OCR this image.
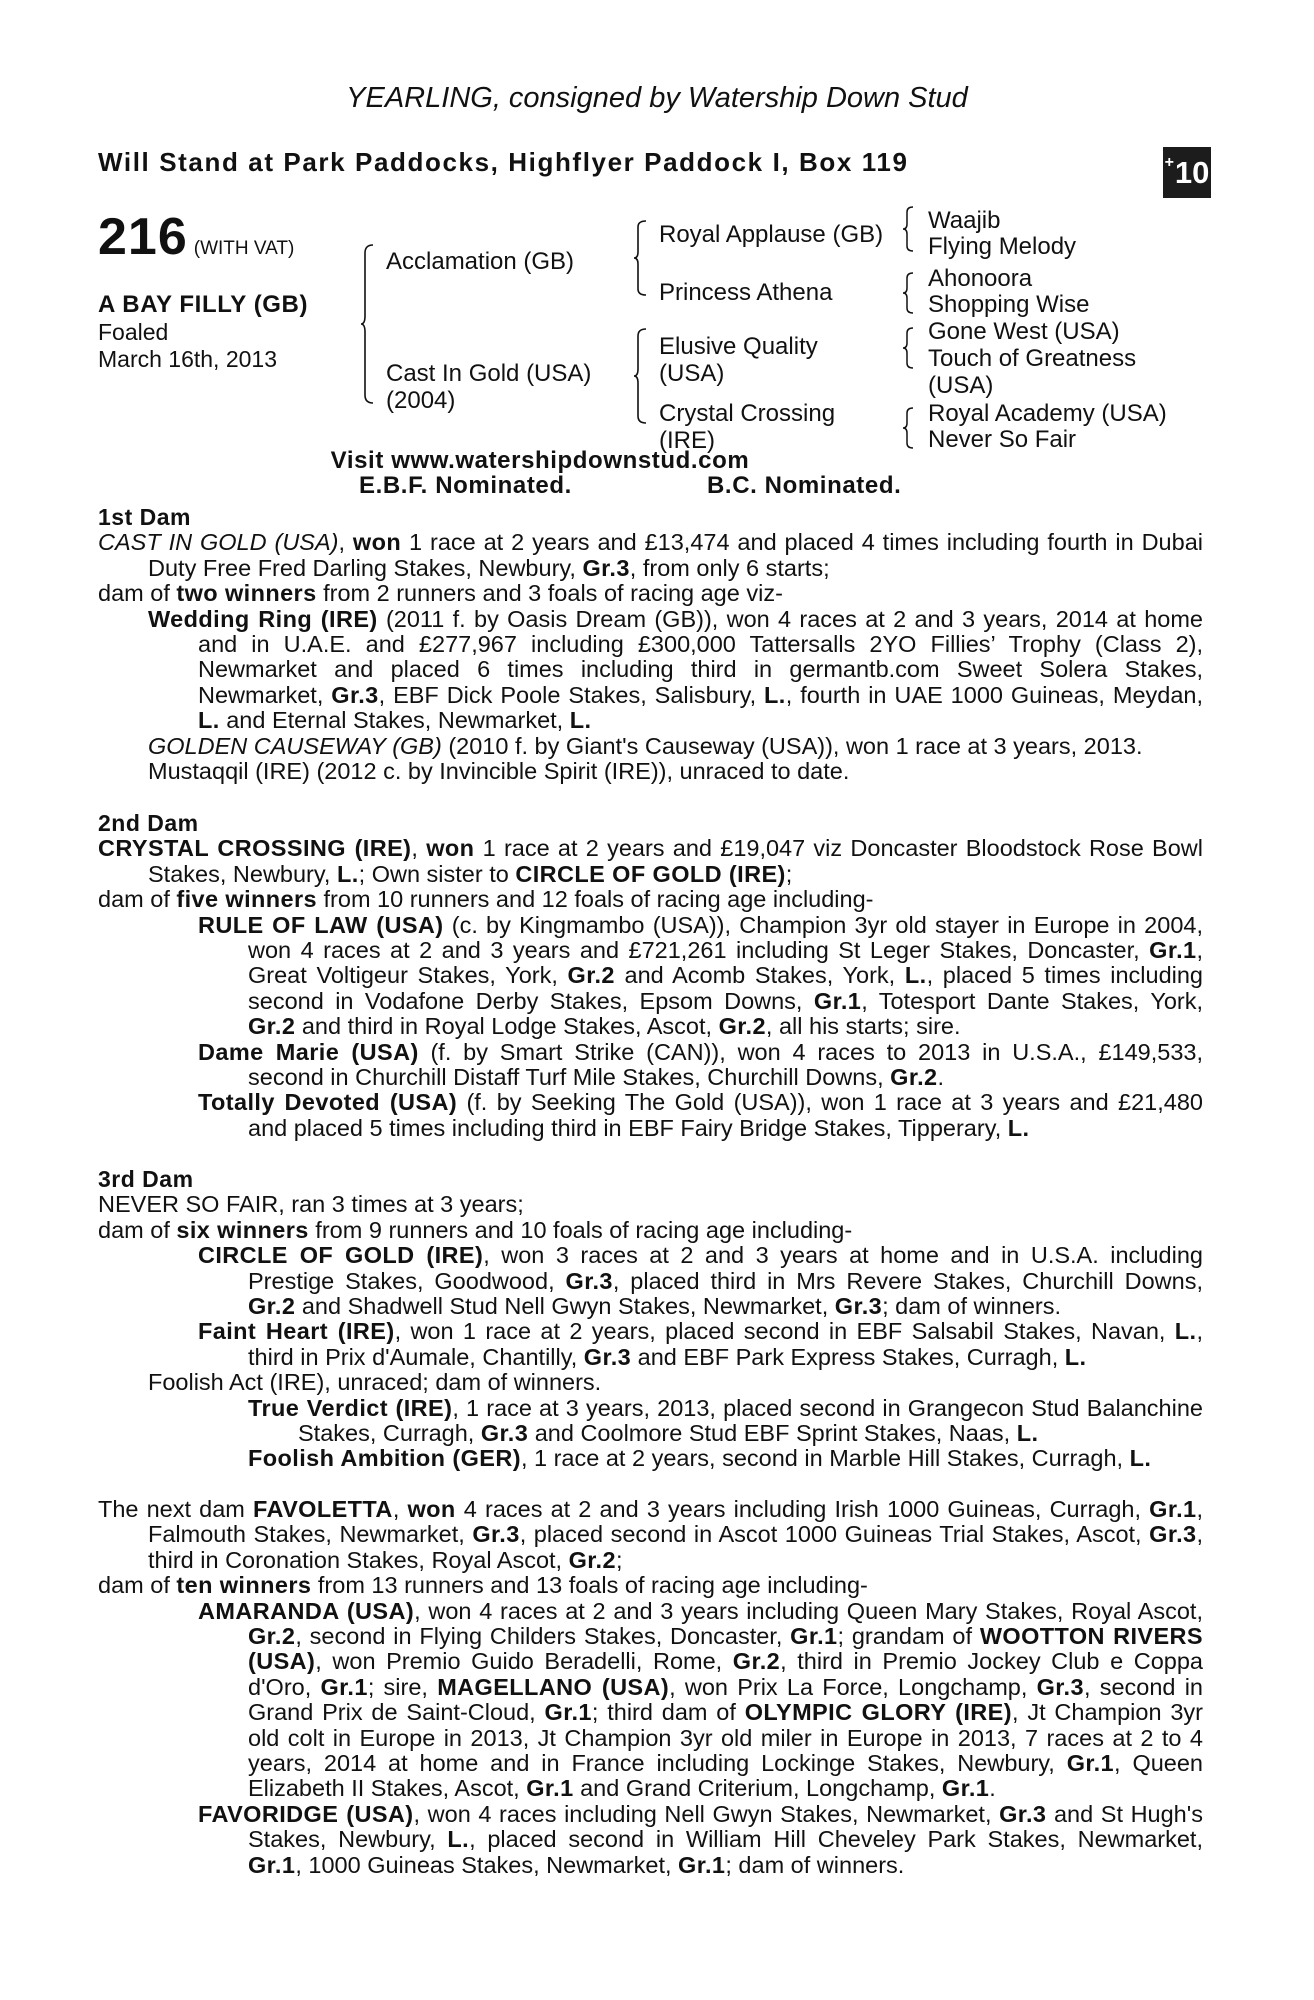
YEARLING, consigned by Watership Down Stud
Will Stand at Park Paddocks, Highflyer Paddock I, Box 119	+ 10
216 (WITH VAT)
A BAY FILLY (GB)
Foaled
March 16th, 2013
Acclamation (GB)
Cast In Gold (USA)
(2004)
Royal Applause (GB)
Princess Athena
Elusive Quality
(USA)
Crystal Crossing
(IRE)
Waajib
Flying Melody
Ahonoora
Shopping Wise
Gone West (USA)
Touch of Greatness
(USA)
Royal Academy (USA)
Never So Fair
Visit www.watershipdownstud.com
E.B.F. Nominated.	B.C. Nominated.
1st Dam
CAST IN GOLD (USA), won 1 race at 2 years and £13,474 and placed 4 times including fourth in Dubai Duty Free Fred Darling Stakes, Newbury, Gr.3, from only 6 starts;
dam of two winners from 2 runners and 3 foals of racing age viz-
Wedding Ring (IRE) (2011 f. by Oasis Dream (GB)), won 4 races at 2 and 3 years, 2014 at home and in U.A.E. and £277,967 including £300,000 Tattersalls 2YO Fillies’ Trophy (Class 2), Newmarket and placed 6 times including third in germantb.com Sweet Solera Stakes, Newmarket, Gr.3, EBF Dick Poole Stakes, Salisbury, L., fourth in UAE 1000 Guineas, Meydan, L. and Eternal Stakes, Newmarket, L.
GOLDEN CAUSEWAY (GB) (2010 f. by Giant's Causeway (USA)), won 1 race at 3 years, 2013.
Mustaqqil (IRE) (2012 c. by Invincible Spirit (IRE)), unraced to date.
2nd Dam
CRYSTAL CROSSING (IRE), won 1 race at 2 years and £19,047 viz Doncaster Bloodstock Rose Bowl Stakes, Newbury, L.; Own sister to CIRCLE OF GOLD (IRE);
dam of five winners from 10 runners and 12 foals of racing age including-
RULE OF LAW (USA) (c. by Kingmambo (USA)), Champion 3yr old stayer in Europe in 2004, won 4 races at 2 and 3 years and £721,261 including St Leger Stakes, Doncaster, Gr.1, Great Voltigeur Stakes, York, Gr.2 and Acomb Stakes, York, L., placed 5 times including second in Vodafone Derby Stakes, Epsom Downs, Gr.1, Totesport Dante Stakes, York, Gr.2 and third in Royal Lodge Stakes, Ascot, Gr.2, all his starts; sire.
Dame Marie (USA) (f. by Smart Strike (CAN)), won 4 races to 2013 in U.S.A., £149,533, second in Churchill Distaff Turf Mile Stakes, Churchill Downs, Gr.2.
Totally Devoted (USA) (f. by Seeking The Gold (USA)), won 1 race at 3 years and £21,480 and placed 5 times including third in EBF Fairy Bridge Stakes, Tipperary, L.
3rd Dam
NEVER SO FAIR, ran 3 times at 3 years;
dam of six winners from 9 runners and 10 foals of racing age including-
CIRCLE OF GOLD (IRE), won 3 races at 2 and 3 years at home and in U.S.A. including Prestige Stakes, Goodwood, Gr.3, placed third in Mrs Revere Stakes, Churchill Downs, Gr.2 and Shadwell Stud Nell Gwyn Stakes, Newmarket, Gr.3; dam of winners.
Faint Heart (IRE), won 1 race at 2 years, placed second in EBF Salsabil Stakes, Navan, L., third in Prix d'Aumale, Chantilly, Gr.3 and EBF Park Express Stakes, Curragh, L.
Foolish Act (IRE), unraced; dam of winners.
True Verdict (IRE), 1 race at 3 years, 2013, placed second in Grangecon Stud Balanchine Stakes, Curragh, Gr.3 and Coolmore Stud EBF Sprint Stakes, Naas, L.
Foolish Ambition (GER), 1 race at 2 years, second in Marble Hill Stakes, Curragh, L.
The next dam FAVOLETTA, won 4 races at 2 and 3 years including Irish 1000 Guineas, Curragh, Gr.1, Falmouth Stakes, Newmarket, Gr.3, placed second in Ascot 1000 Guineas Trial Stakes, Ascot, Gr.3, third in Coronation Stakes, Royal Ascot, Gr.2;
dam of ten winners from 13 runners and 13 foals of racing age including-
AMARANDA (USA), won 4 races at 2 and 3 years including Queen Mary Stakes, Royal Ascot, Gr.2, second in Flying Childers Stakes, Doncaster, Gr.1; grandam of WOOTTON RIVERS (USA), won Premio Guido Beradelli, Rome, Gr.2, third in Premio Jockey Club e Coppa d'Oro, Gr.1; sire, MAGELLANO (USA), won Prix La Force, Longchamp, Gr.3, second in Grand Prix de Saint-Cloud, Gr.1; third dam of OLYMPIC GLORY (IRE), Jt Champion 3yr old colt in Europe in 2013, Jt Champion 3yr old miler in Europe in 2013, 7 races at 2 to 4 years, 2014 at home and in France including Lockinge Stakes, Newbury, Gr.1, Queen Elizabeth II Stakes, Ascot, Gr.1 and Grand Criterium, Longchamp, Gr.1.
FAVORIDGE (USA), won 4 races including Nell Gwyn Stakes, Newmarket, Gr.3 and St Hugh's Stakes, Newbury, L., placed second in William Hill Cheveley Park Stakes, Newmarket, Gr.1, 1000 Guineas Stakes, Newmarket, Gr.1; dam of winners.
